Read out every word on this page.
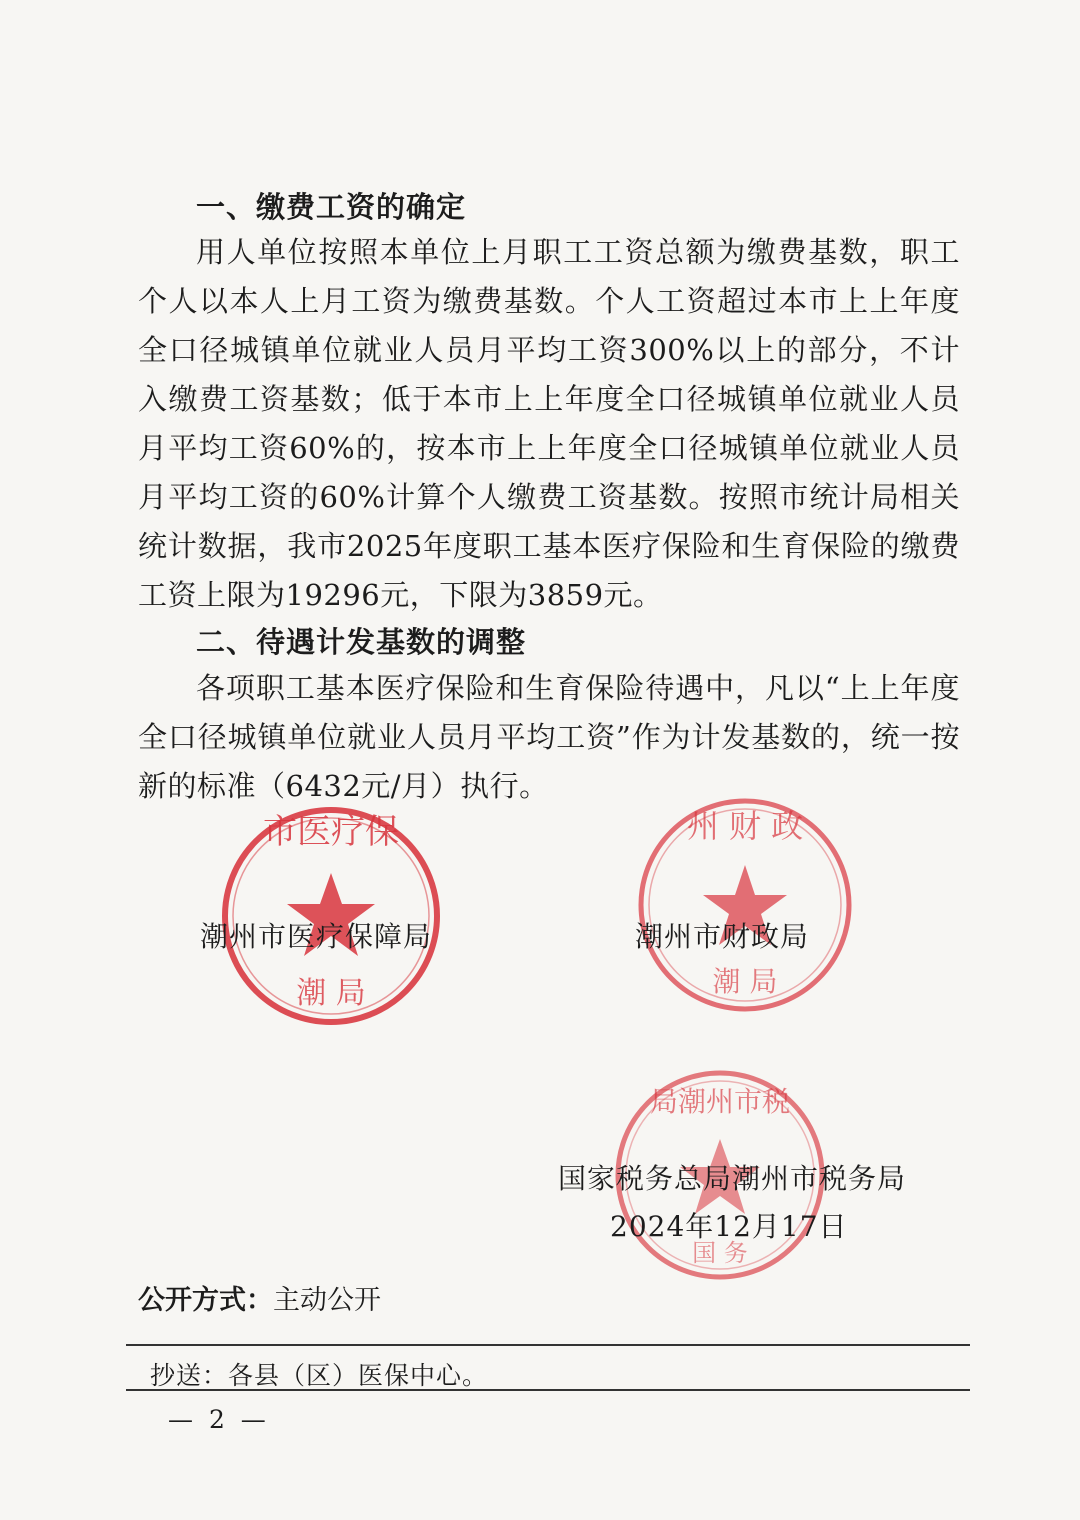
一、缴费工资的确定

用人单位按照本单位上月职工工资总额为缴费基数，职工个人以本人上月工资为缴费基数。个人工资超过本市上上年度全口径城镇单位就业人员月平均工资300%以上的部分，不计入缴费工资基数；低于本市上上年度全口径城镇单位就业人员月平均工资60%的，按本市上上年度全口径城镇单位就业人员月平均工资的60%计算个人缴费工资基数。按照市统计局相关统计数据，我市2025年度职工基本医疗保险和生育保险的缴费工资上限为19296元，下限为3859元。

二、待遇计发基数的调整

各项职工基本医疗保险和生育保险待遇中，凡以“上上年度全口径城镇单位就业人员月平均工资”作为计发基数的，统一按新的标准（6432元/月）执行。

市医疗保
潮 局
州 财 政
潮 局
局潮州市税
国 务
潮州市医疗保障局	潮州市财政局
国家税务总局潮州市税务局
2024年12月17日
公开方式：主动公开
抄送：各县（区）医保中心。
— 2 —
